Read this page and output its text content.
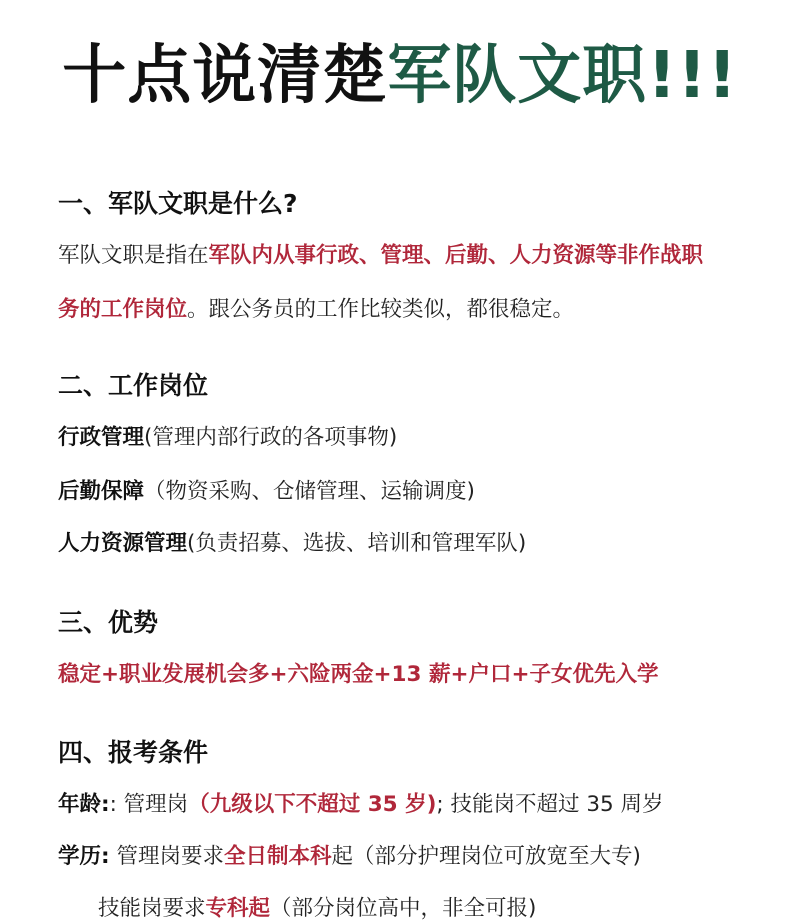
十点说清楚军队文职!!!
一、军队文职是什么?
军队文职是指在军队内从事行政、管理、后勤、人力资源等非作战职
务的工作岗位。跟公务员的工作比较类似，都很稳定。
二、工作岗位
行政管理(管理内部行政的各项事物)
后勤保障（物资采购、仓储管理、运输调度)
人力资源管理(负责招募、选拔、培训和管理军队)
三、优势
稳定+职业发展机会多+六险两金+13 薪+户口+子女优先入学
四、报考条件
年龄:: 管理岗（九级以下不超过 35 岁); 技能岗不超过 35 周岁
学历: 管理岗要求全日制本科起（部分护理岗位可放宽至大专)
技能岗要求专科起（部分岗位高中，非全可报)
